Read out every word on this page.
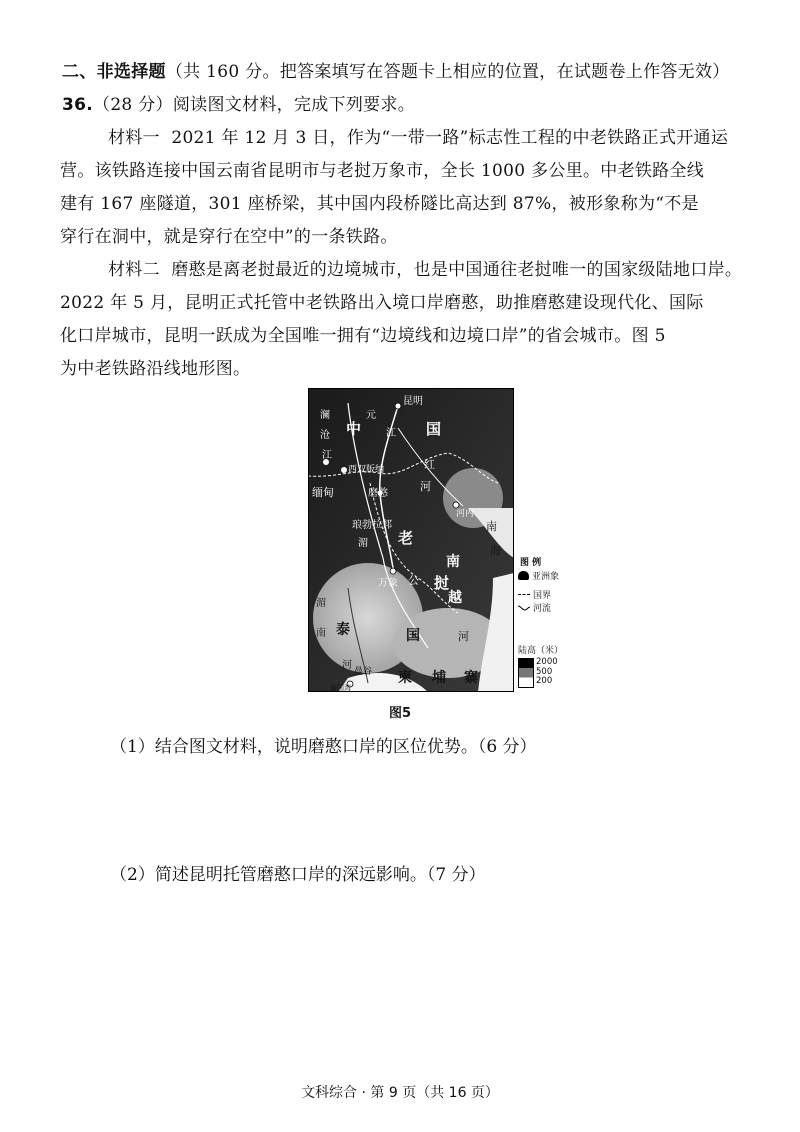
二、非选择题（共 160 分。把答案填写在答题卡上相应的位置，在试题卷上作答无效）
36.（28 分）阅读图文材料，完成下列要求。
材料一 2021 年 12 月 3 日，作为“一带一路”标志性工程的中老铁路正式开通运
营。该铁路连接中国云南省昆明市与老挝万象市，全长 1000 多公里。中老铁路全线
建有 167 座隧道，301 座桥梁，其中国内段桥隧比高达到 87%，被形象称为“不是
穿行在洞中，就是穿行在空中”的一条铁路。
材料二 磨憨是离老挝最近的边境城市，也是中国通往老挝唯一的国家级陆地口岸。
2022 年 5 月，昆明正式托管中老铁路出入境口岸磨憨，助推磨憨建设现代化、国际
化口岸城市，昆明一跃成为全国唯一拥有“边境线和边境口岸”的省会城市。图 5
为中老铁路沿线地形图。
昆明
中	国
澜
沧
江
元
江
红
河
西双版纳
缅甸	磨憨
河内
琅勃拉邦
老
挝
湄
万象 公
南
越
南
海
泰	国	河
湄
南
河
曼谷 柬 埔 寨
泰国湾
图 例
亚洲象
国界
河流
陆高（米）
2000
500
200
图5
（1）结合图文材料，说明磨憨口岸的区位优势。（6 分）
（2）简述昆明托管磨憨口岸的深远影响。（7 分）
文科综合 · 第 9 页（共 16 页）
